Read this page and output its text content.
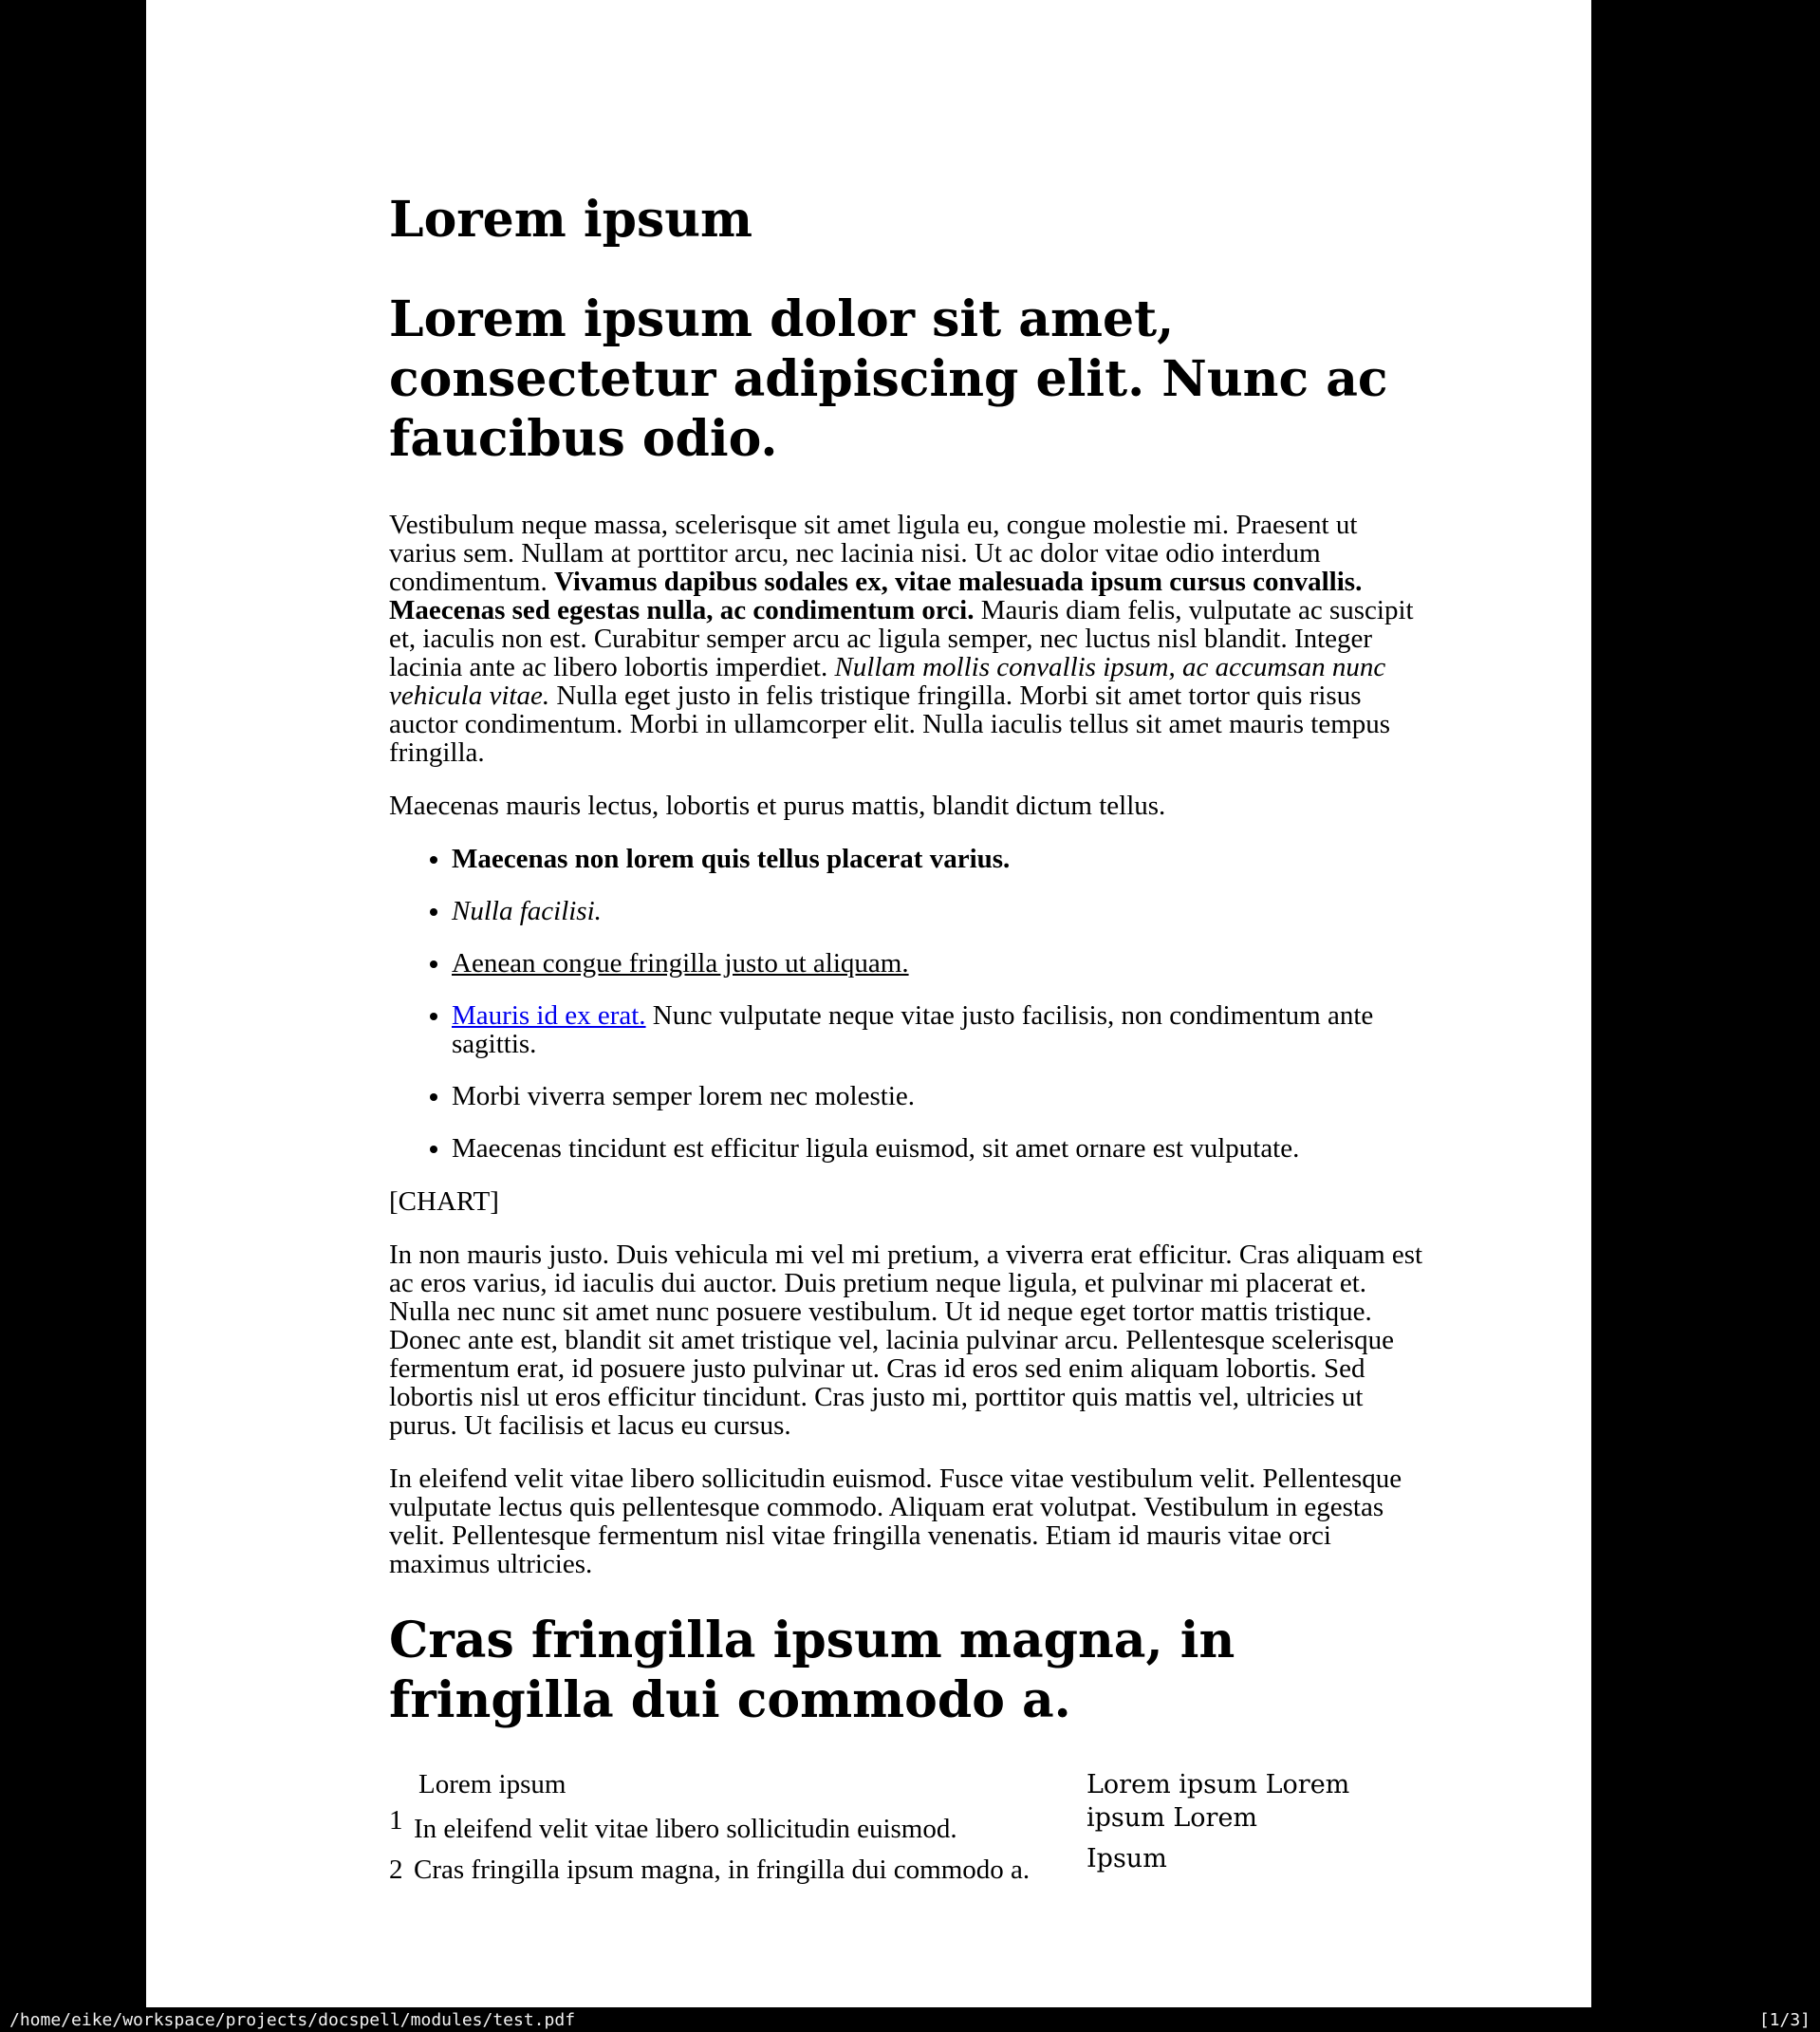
Lorem ipsum
Lorem ipsum dolor sit amet, consectetur adipiscing elit. Nunc ac faucibus odio.

Vestibulum neque massa, scelerisque sit amet ligula eu, congue molestie mi. Praesent ut varius sem. Nullam at porttitor arcu, nec lacinia nisi. Ut ac dolor vitae odio interdum condimentum. Vivamus dapibus sodales ex, vitae malesuada ipsum cursus convallis. Maecenas sed egestas nulla, ac condimentum orci. Mauris diam felis, vulputate ac suscipit et, iaculis non est. Curabitur semper arcu ac ligula semper, nec luctus nisl blandit. Integer lacinia ante ac libero lobortis imperdiet. Nullam mollis convallis ipsum, ac accumsan nunc vehicula vitae. Nulla eget justo in felis tristique fringilla. Morbi sit amet tortor quis risus auctor condimentum. Morbi in ullamcorper elit. Nulla iaculis tellus sit amet mauris tempus fringilla.

Maecenas mauris lectus, lobortis et purus mattis, blandit dictum tellus.

• Maecenas non lorem quis tellus placerat varius.
• Nulla facilisi.
• Aenean congue fringilla justo ut aliquam.
• Mauris id ex erat. Nunc vulputate neque vitae justo facilisis, non condimentum ante sagittis.
• Morbi viverra semper lorem nec molestie.
• Maecenas tincidunt est efficitur ligula euismod, sit amet ornare est vulputate.

[CHART]

In non mauris justo. Duis vehicula mi vel mi pretium, a viverra erat efficitur. Cras aliquam est ac eros varius, id iaculis dui auctor. Duis pretium neque ligula, et pulvinar mi placerat et. Nulla nec nunc sit amet nunc posuere vestibulum. Ut id neque eget tortor mattis tristique. Donec ante est, blandit sit amet tristique vel, lacinia pulvinar arcu. Pellentesque scelerisque fermentum erat, id posuere justo pulvinar ut. Cras id eros sed enim aliquam lobortis. Sed lobortis nisl ut eros efficitur tincidunt. Cras justo mi, porttitor quis mattis vel, ultricies ut purus. Ut facilisis et lacus eu cursus.

In eleifend velit vitae libero sollicitudin euismod. Fusce vitae vestibulum velit. Pellentesque vulputate lectus quis pellentesque commodo. Aliquam erat volutpat. Vestibulum in egestas velit. Pellentesque fermentum nisl vitae fringilla venenatis. Etiam id mauris vitae orci maximus ultricies.

Cras fringilla ipsum magna, in fringilla dui commodo a.
Lorem ipsum
1 In eleifend velit vitae libero sollicitudin euismod.
2 Cras fringilla ipsum magna, in fringilla dui commodo a.
Lorem ipsum Lorem ipsum Lorem
Ipsum
/home/eike/workspace/projects/docspell/modules/test.pdf	[1/3]
